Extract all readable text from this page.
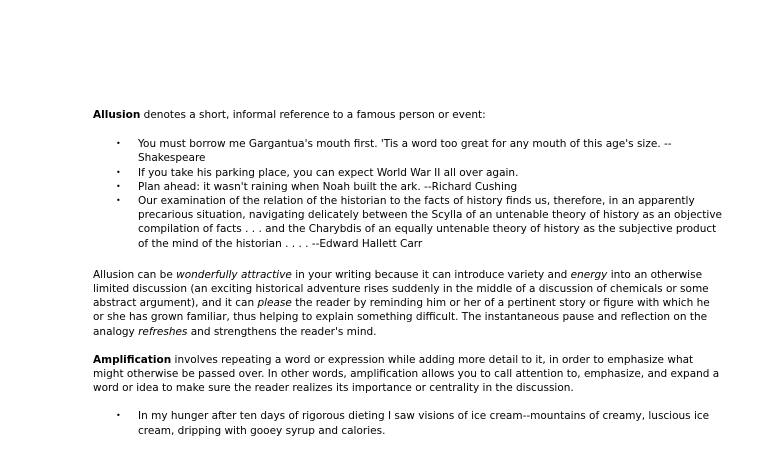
Allusion denotes a short, informal reference to a famous person or event:

• You must borrow me Gargantua's mouth first. 'Tis a word too great for any mouth of this age's size. --Shakespeare
• If you take his parking place, you can expect World War II all over again.
• Plan ahead: it wasn't raining when Noah built the ark. --Richard Cushing
• Our examination of the relation of the historian to the facts of history finds us, therefore, in an apparently precarious situation, navigating delicately between the Scylla of an untenable theory of history as an objective compilation of facts . . . and the Charybdis of an equally untenable theory of history as the subjective product of the mind of the historian . . . . --Edward Hallett Carr

Allusion can be wonderfully attractive in your writing because it can introduce variety and energy into an otherwise limited discussion (an exciting historical adventure rises suddenly in the middle of a discussion of chemicals or some abstract argument), and it can please the reader by reminding him or her of a pertinent story or figure with which he or she has grown familiar, thus helping to explain something difficult. The instantaneous pause and reflection on the analogy refreshes and strengthens the reader's mind.

Amplification involves repeating a word or expression while adding more detail to it, in order to emphasize what might otherwise be passed over. In other words, amplification allows you to call attention to, emphasize, and expand a word or idea to make sure the reader realizes its importance or centrality in the discussion.

• In my hunger after ten days of rigorous dieting I saw visions of ice cream--mountains of creamy, luscious ice cream, dripping with gooey syrup and calories.
